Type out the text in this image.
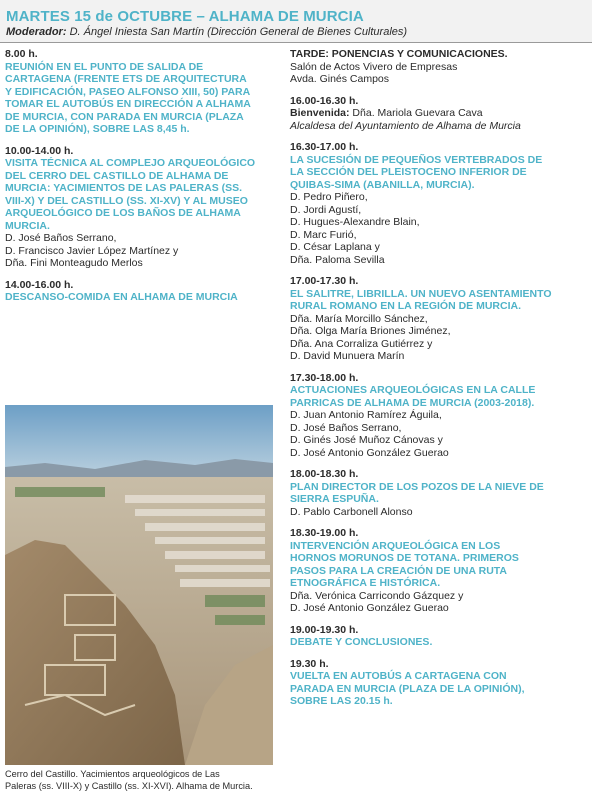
MARTES 15 de OCTUBRE – ALHAMA DE MURCIA
Moderador: D. Ángel Iniesta San Martín (Dirección General de Bienes Culturales)
8.00 h.
REUNIÓN EN EL PUNTO DE SALIDA DE
CARTAGENA (FRENTE ETS DE ARQUITECTURA
Y EDIFICACIÓN, PASEO ALFONSO XIII, 50) PARA
TOMAR EL AUTOBÚS EN DIRECCIÓN A ALHAMA
DE MURCIA, CON PARADA EN MURCIA (PLAZA
DE LA OPINIÓN), SOBRE LAS 8,45 h.
10.00-14.00 h.
VISITA TÉCNICA AL COMPLEJO ARQUEOLÓGICO
DEL CERRO DEL CASTILLO DE ALHAMA DE
MURCIA: YACIMIENTOS DE LAS PALERAS (SS.
VIII-X) Y DEL CASTILLO (SS. XI-XV) Y AL MUSEO
ARQUEOLÓGICO DE LOS BAÑOS DE ALHAMA
MURCIA.
D. José Baños Serrano,
D. Francisco Javier López Martínez y
Dña. Fini Monteagudo Merlos
14.00-16.00 h.
DESCANSO-COMIDA EN ALHAMA DE MURCIA
Cerro del Castillo. Yacimientos arqueológicos de Las
Paleras (ss. VIII-X) y Castillo (ss. XI-XVI). Alhama de Murcia.
TARDE: PONENCIAS Y COMUNICACIONES.
Salón de Actos Vivero de Empresas
Avda. Ginés Campos
16.00-16.30 h.
Bienvenida: Dña. Mariola Guevara Cava
Alcaldesa del Ayuntamiento de Alhama de Murcia
16.30-17.00 h.
LA SUCESIÓN DE PEQUEÑOS VERTEBRADOS DE
LA SECCIÓN DEL PLEISTOCENO INFERIOR DE
QUIBAS-SIMA (ABANILLA, MURCIA).
D. Pedro Piñero,
D. Jordi Agustí,
D. Hugues-Alexandre Blain,
D. Marc Furió,
D. César Laplana y
Dña. Paloma Sevilla
17.00-17.30 h.
EL SALITRE, LIBRILLA. UN NUEVO ASENTAMIENTO
RURAL ROMANO EN LA REGIÓN DE MURCIA.
Dña. María Morcillo Sánchez,
Dña. Olga María Briones Jiménez,
Dña. Ana Corraliza Gutiérrez y
D. David Munuera Marín
17.30-18.00 h.
ACTUACIONES ARQUEOLÓGICAS EN LA CALLE
PARRICAS DE ALHAMA DE MURCIA (2003-2018).
D. Juan Antonio Ramírez Águila,
D. José Baños Serrano,
D. Ginés José Muñoz Cánovas y
D. José Antonio González Guerao
18.00-18.30 h.
PLAN DIRECTOR DE LOS POZOS DE LA NIEVE DE
SIERRA ESPUÑA.
D. Pablo Carbonell Alonso
18.30-19.00 h.
INTERVENCIÓN ARQUEOLÓGICA EN LOS
HORNOS MORUNOS DE TOTANA. PRIMEROS
PASOS PARA LA CREACIÓN DE UNA RUTA
ETNOGRÁFICA E HISTÓRICA.
Dña. Verónica Carricondo Gázquez y
D. José Antonio González Guerao
19.00-19.30 h.
DEBATE Y CONCLUSIONES.
19.30 h.
VUELTA EN AUTOBÚS A CARTAGENA CON
PARADA EN MURCIA (PLAZA DE LA OPINIÓN),
SOBRE LAS 20.15 h.
